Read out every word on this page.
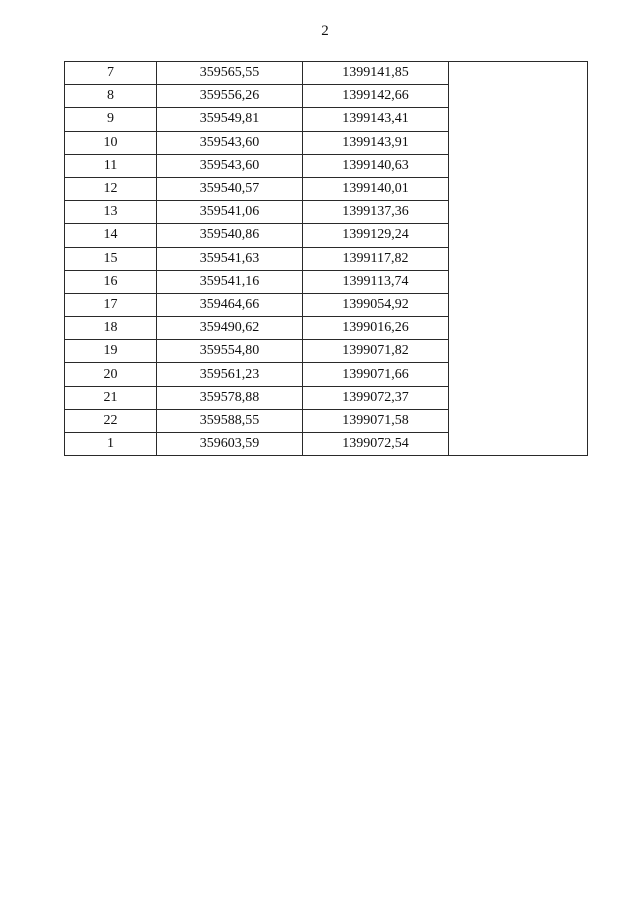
2
7	359565,55	1399141,85	
8	359556,26	1399142,66	
9	359549,81	1399143,41	
10	359543,60	1399143,91	
11	359543,60	1399140,63	
12	359540,57	1399140,01	
13	359541,06	1399137,36	
14	359540,86	1399129,24	
15	359541,63	1399117,82	
16	359541,16	1399113,74	
17	359464,66	1399054,92	
18	359490,62	1399016,26	
19	359554,80	1399071,82	
20	359561,23	1399071,66	
21	359578,88	1399072,37	
22	359588,55	1399071,58	
1	359603,59	1399072,54	
